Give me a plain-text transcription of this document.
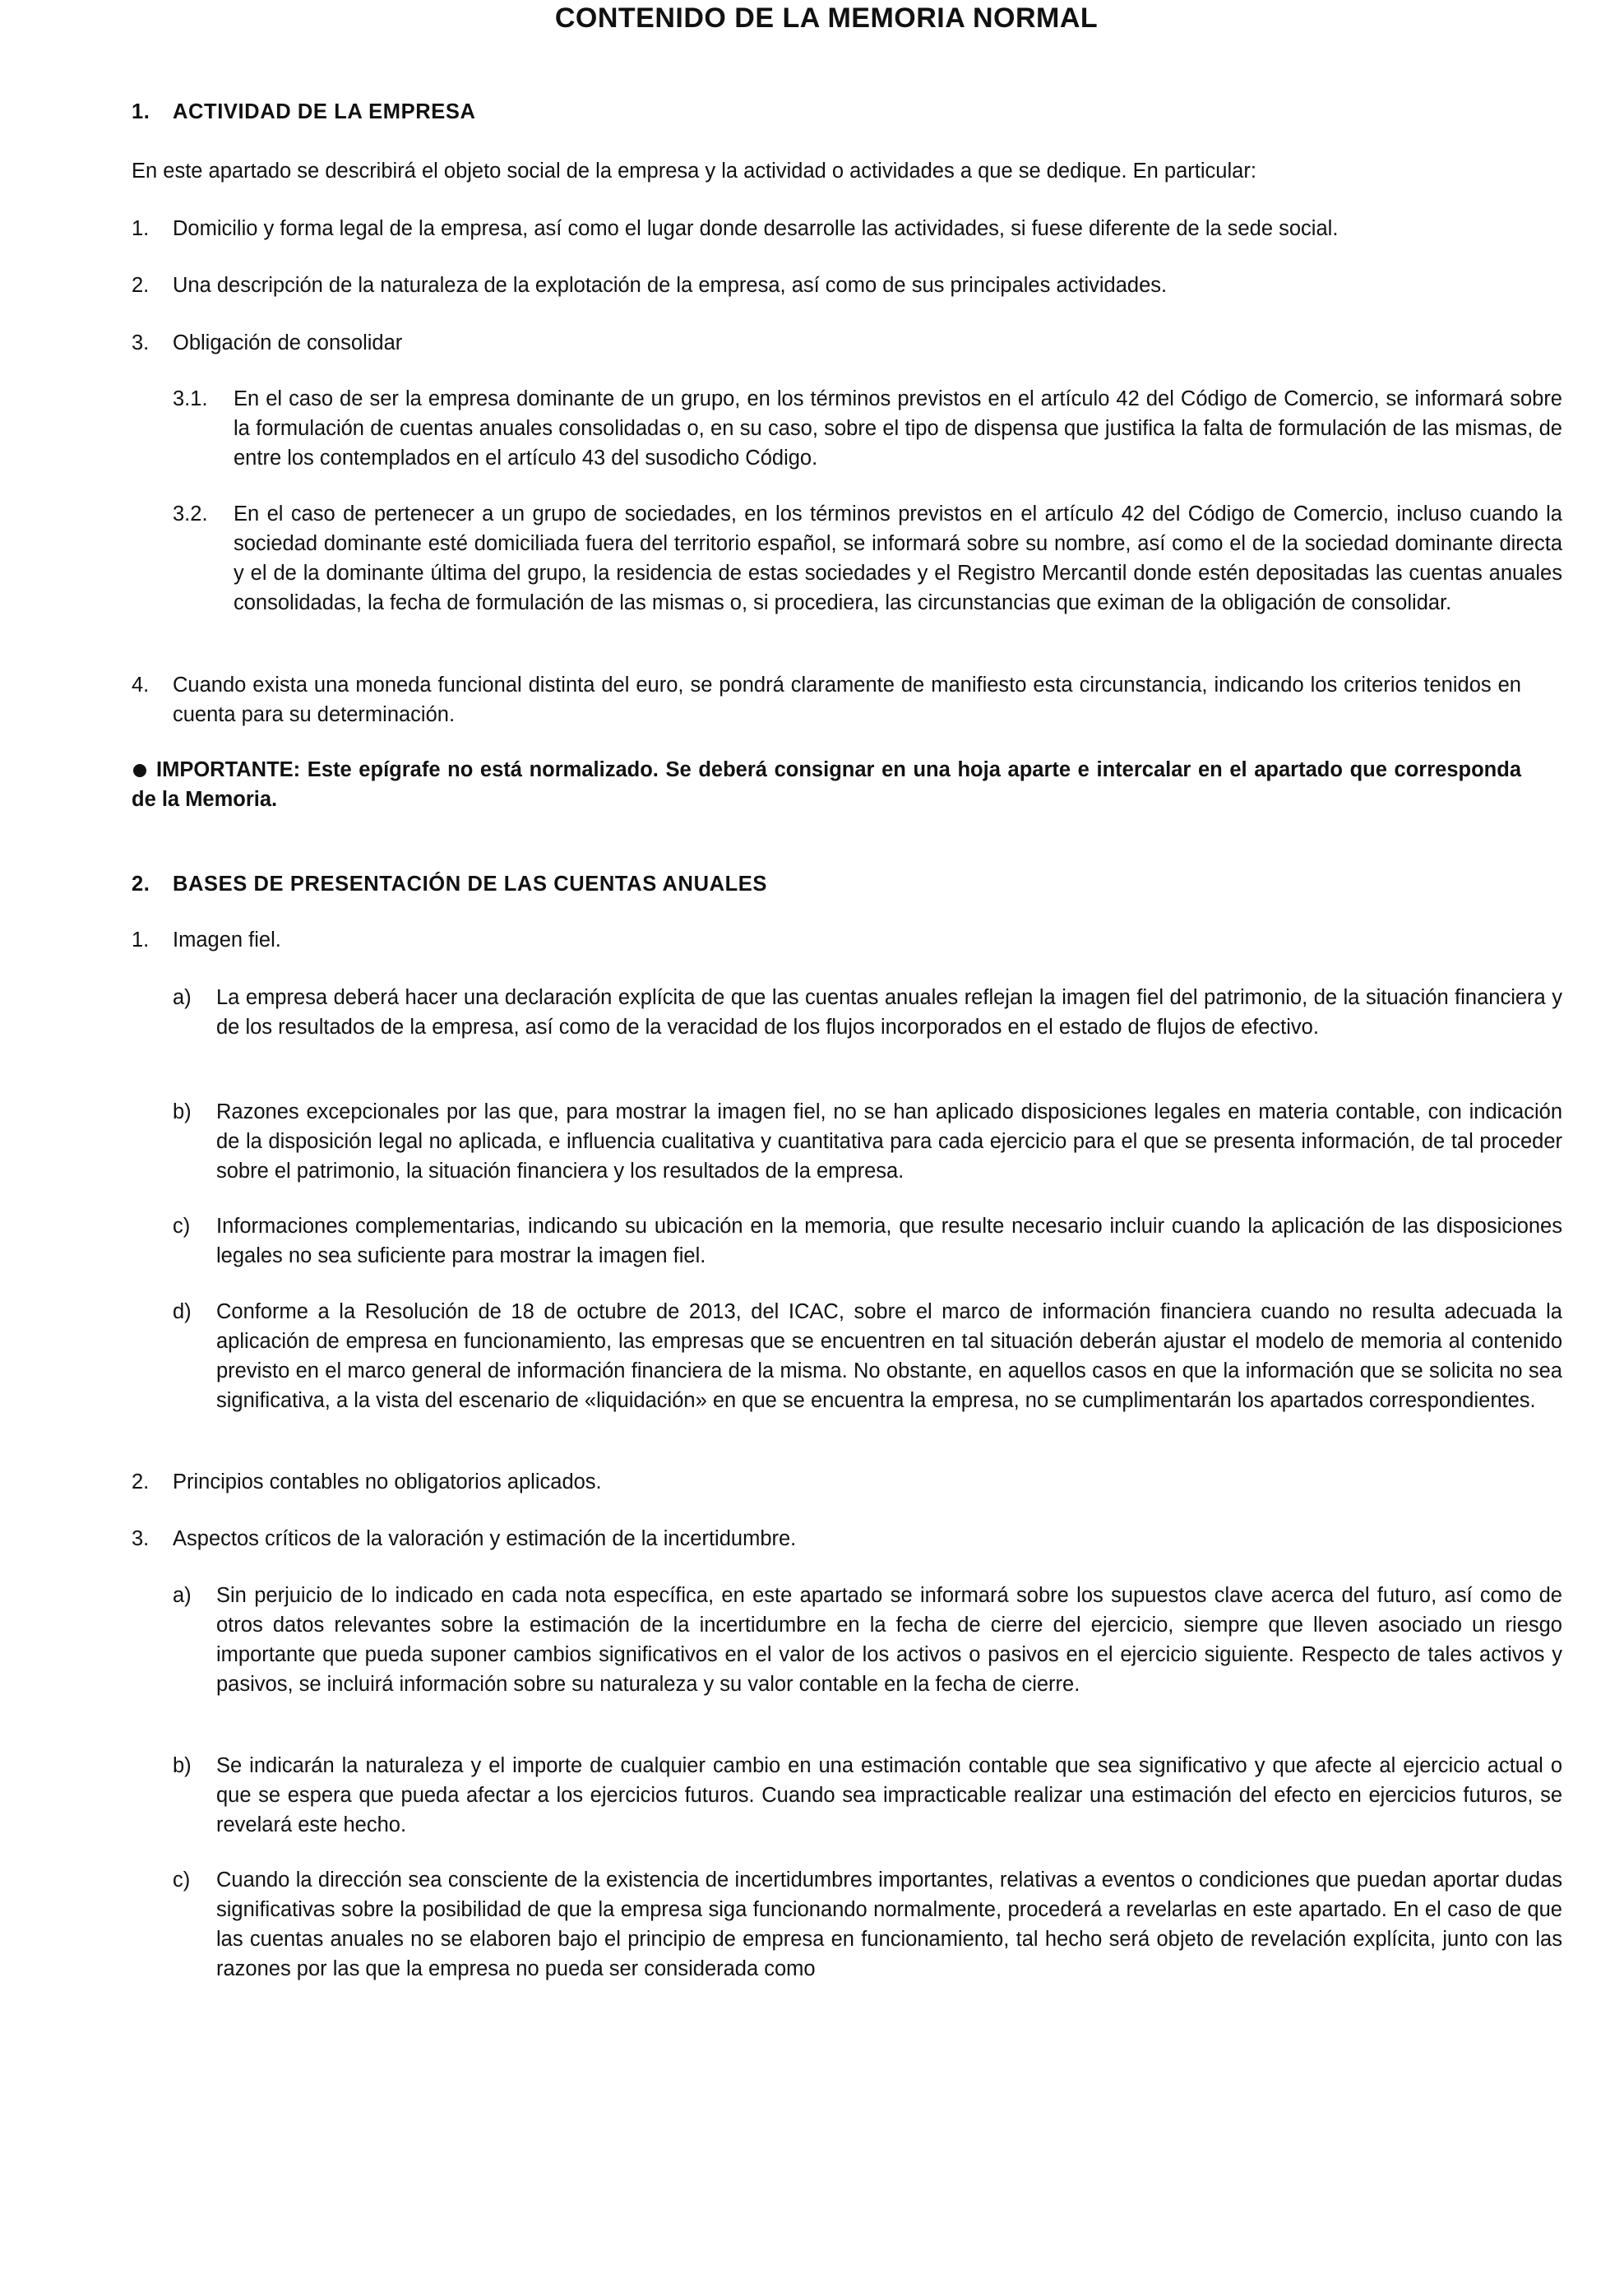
CONTENIDO DE LA MEMORIA NORMAL
1. ACTIVIDAD DE LA EMPRESA

En este apartado se describirá el objeto social de la empresa y la actividad o actividades a que se dedique. En particular:

1.	Domicilio y forma legal de la empresa, así como el lugar donde desarrolle las actividades, si fuese diferente de la sede social.
2.	Una descripción de la naturaleza de la explotación de la empresa, así como de sus principales actividades.
3.	Obligación de consolidar
3.1.	En el caso de ser la empresa dominante de un grupo, en los términos previstos en el artículo 42 del Código de Comercio, se informará sobre la formulación de cuentas anuales consolidadas o, en su caso, sobre el tipo de dispensa que justifica la falta de formulación de las mismas, de entre los contemplados en el artículo 43 del susodicho Código.
3.2.	En el caso de pertenecer a un grupo de sociedades, en los términos previstos en el artículo 42 del Código de Comercio, incluso cuando la sociedad dominante esté domiciliada fuera del territorio español, se informará sobre su nombre, así como el de la sociedad dominante directa y el de la dominante última del grupo, la residencia de estas sociedades y el Registro Mercantil donde estén depositadas las cuentas anuales consolidadas, la fecha de formulación de las mismas o, si procediera, las circunstancias que eximan de la obligación de consolidar.
4.	Cuando exista una moneda funcional distinta del euro, se pondrá claramente de manifiesto esta circunstancia, indicando los criterios tenidos en cuenta para su determinación.

IMPORTANTE: Este epígrafe no está normalizado. Se deberá consignar en una hoja aparte e intercalar en el apartado que corresponda de la Memoria.

2. BASES DE PRESENTACIÓN DE LAS CUENTAS ANUALES
1.	Imagen fiel.
a)	La empresa deberá hacer una declaración explícita de que las cuentas anuales reflejan la imagen fiel del patrimonio, de la situación financiera y de los resultados de la empresa, así como de la veracidad de los flujos incorporados en el estado de flujos de efectivo.
b)	Razones excepcionales por las que, para mostrar la imagen fiel, no se han aplicado disposiciones legales en materia contable, con indicación de la disposición legal no aplicada, e influencia cualitativa y cuantitativa para cada ejercicio para el que se presenta información, de tal proceder sobre el patrimonio, la situación financiera y los resultados de la empresa.
c)	Informaciones complementarias, indicando su ubicación en la memoria, que resulte necesario incluir cuando la aplicación de las disposiciones legales no sea suficiente para mostrar la imagen fiel.
d)	Conforme a la Resolución de 18 de octubre de 2013, del ICAC, sobre el marco de información financiera cuando no resulta adecuada la aplicación de empresa en funcionamiento, las empresas que se encuentren en tal situación deberán ajustar el modelo de memoria al contenido previsto en el marco general de información financiera de la misma. No obstante, en aquellos casos en que la información que se solicita no sea significativa, a la vista del escenario de «liquidación» en que se encuentra la empresa, no se cumplimentarán los apartados correspondientes.
2.	Principios contables no obligatorios aplicados.
3.	Aspectos críticos de la valoración y estimación de la incertidumbre.
a)	Sin perjuicio de lo indicado en cada nota específica, en este apartado se informará sobre los supuestos clave acerca del futuro, así como de otros datos relevantes sobre la estimación de la incertidumbre en la fecha de cierre del ejercicio, siempre que lleven asociado un riesgo importante que pueda suponer cambios significativos en el valor de los activos o pasivos en el ejercicio siguiente. Respecto de tales activos y pasivos, se incluirá información sobre su naturaleza y su valor contable en la fecha de cierre.
b)	Se indicarán la naturaleza y el importe de cualquier cambio en una estimación contable que sea significativo y que afecte al ejercicio actual o que se espera que pueda afectar a los ejercicios futuros. Cuando sea impracticable realizar una estimación del efecto en ejercicios futuros, se revelará este hecho.
c)	Cuando la dirección sea consciente de la existencia de incertidumbres importantes, relativas a eventos o condiciones que puedan aportar dudas significativas sobre la posibilidad de que la empresa siga funcionando normalmente, procederá a revelarlas en este apartado. En el caso de que las cuentas anuales no se elaboren bajo el principio de empresa en funcionamiento, tal hecho será objeto de revelación explícita, junto con las razones por las que la empresa no pueda ser considerada como
